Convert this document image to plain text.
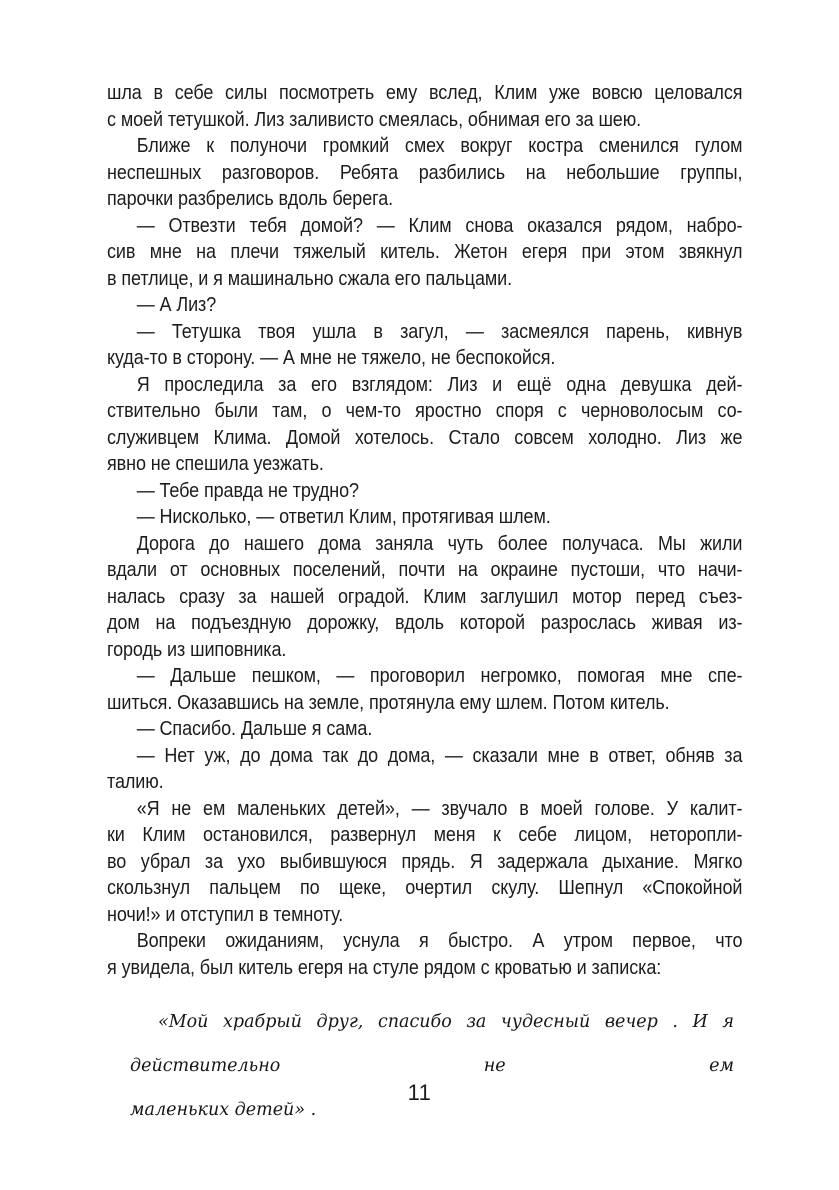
шла в себе силы посмотреть ему вслед, Клим уже вовсю целовался
с моей тетушкой. Лиз заливисто смеялась, обнимая его за шею.
Ближе к полуночи громкий смех вокруг костра сменился гулом
неспешных разговоров. Ребята разбились на небольшие группы,
парочки разбрелись вдоль берега.
— Отвезти тебя домой? — Клим снова оказался рядом, набро-
сив мне на плечи тяжелый китель. Жетон егеря при этом звякнул
в петлице, и я машинально сжала его пальцами.
— А Лиз?
— Тетушка твоя ушла в загул, — засмеялся парень, кивнув
куда-то в сторону. — А мне не тяжело, не беспокойся.
Я проследила за его взглядом: Лиз и ещё одна девушка дей-
ствительно были там, о чем-то яростно споря с черноволосым со-
служивцем Клима. Домой хотелось. Стало совсем холодно. Лиз же
явно не спешила уезжать.
— Тебе правда не трудно?
— Нисколько, — ответил Клим, протягивая шлем.
Дорога до нашего дома заняла чуть более получаса. Мы жили
вдали от основных поселений, почти на окраине пустоши, что начи-
налась сразу за нашей оградой. Клим заглушил мотор перед съез-
дом на подъездную дорожку, вдоль которой разрослась живая из-
городь из шиповника.
— Дальше пешком, — проговорил негромко, помогая мне спе-
шиться. Оказавшись на земле, протянула ему шлем. Потом китель.
— Спасибо. Дальше я сама.
— Нет уж, до дома так до дома, — сказали мне в ответ, обняв за
талию.
«Я не ем маленьких детей», — звучало в моей голове. У калит-
ки Клим остановился, развернул меня к себе лицом, неторопли-
во убрал за ухо выбившуюся прядь. Я задержала дыхание. Мягко
скользнул пальцем по щеке, очертил скулу. Шепнул «Спокойной
ночи!» и отступил в темноту.
Вопреки ожиданиям, уснула я быстро. А утром первое, что
я увидела, был китель егеря на стуле рядом с кроватью и записка:
«Мой храбрый друг, спасибо за чудесный вечер . И я действительно не ем
маленьких детей» .
11
